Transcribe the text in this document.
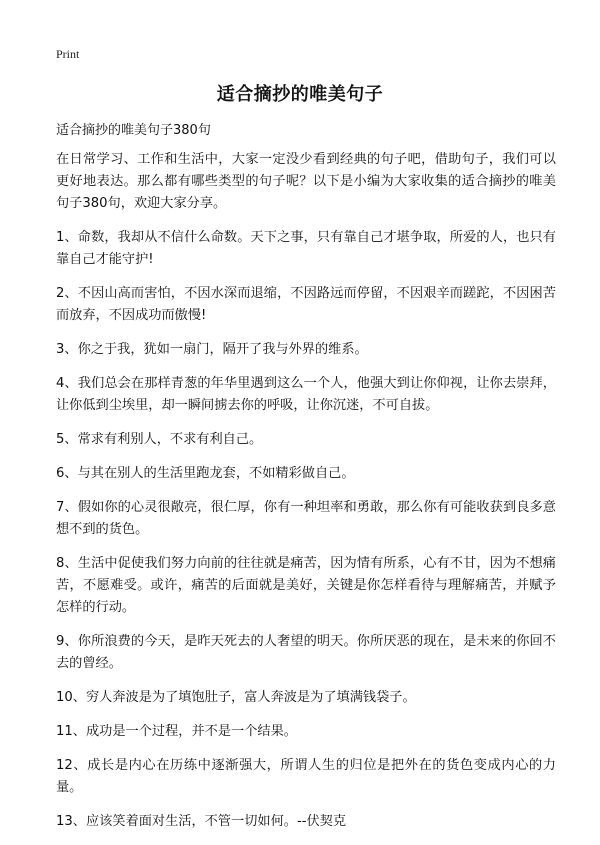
Print
适合摘抄的唯美句子
适合摘抄的唯美句子380句

在日常学习、工作和生活中，大家一定没少看到经典的句子吧，借助句子，我们可以更好地表达。那么都有哪些类型的句子呢？以下是小编为大家收集的适合摘抄的唯美句子380句，欢迎大家分享。

1、命数，我却从不信什么命数。天下之事，只有靠自己才堪争取，所爱的人，也只有靠自己才能守护!

2、不因山高而害怕，不因水深而退缩，不因路远而停留，不因艰辛而蹉跎，不因困苦而放弃，不因成功而傲慢!

3、你之于我，犹如一扇门，隔开了我与外界的维系。

4、我们总会在那样青葱的年华里遇到这么一个人，他强大到让你仰视，让你去崇拜，让你低到尘埃里，却一瞬间掳去你的呼吸，让你沉迷，不可自拔。

5、常求有利别人，不求有利自己。

6、与其在别人的生活里跑龙套，不如精彩做自己。

7、假如你的心灵很敞亮，很仁厚，你有一种坦率和勇敢，那么你有可能收获到良多意想不到的货色。

8、生活中促使我们努力向前的往往就是痛苦，因为情有所系，心有不甘，因为不想痛苦，不愿难受。或许，痛苦的后面就是美好，关键是你怎样看待与理解痛苦，并赋予怎样的行动。

9、你所浪费的今天，是昨天死去的人奢望的明天。你所厌恶的现在，是未来的你回不去的曾经。

10、穷人奔波是为了填饱肚子，富人奔波是为了填满钱袋子。

11、成功是一个过程，并不是一个结果。

12、成长是内心在历练中逐渐强大，所谓人生的归位是把外在的货色变成内心的力量。

13、应该笑着面对生活，不管一切如何。--伏契克
